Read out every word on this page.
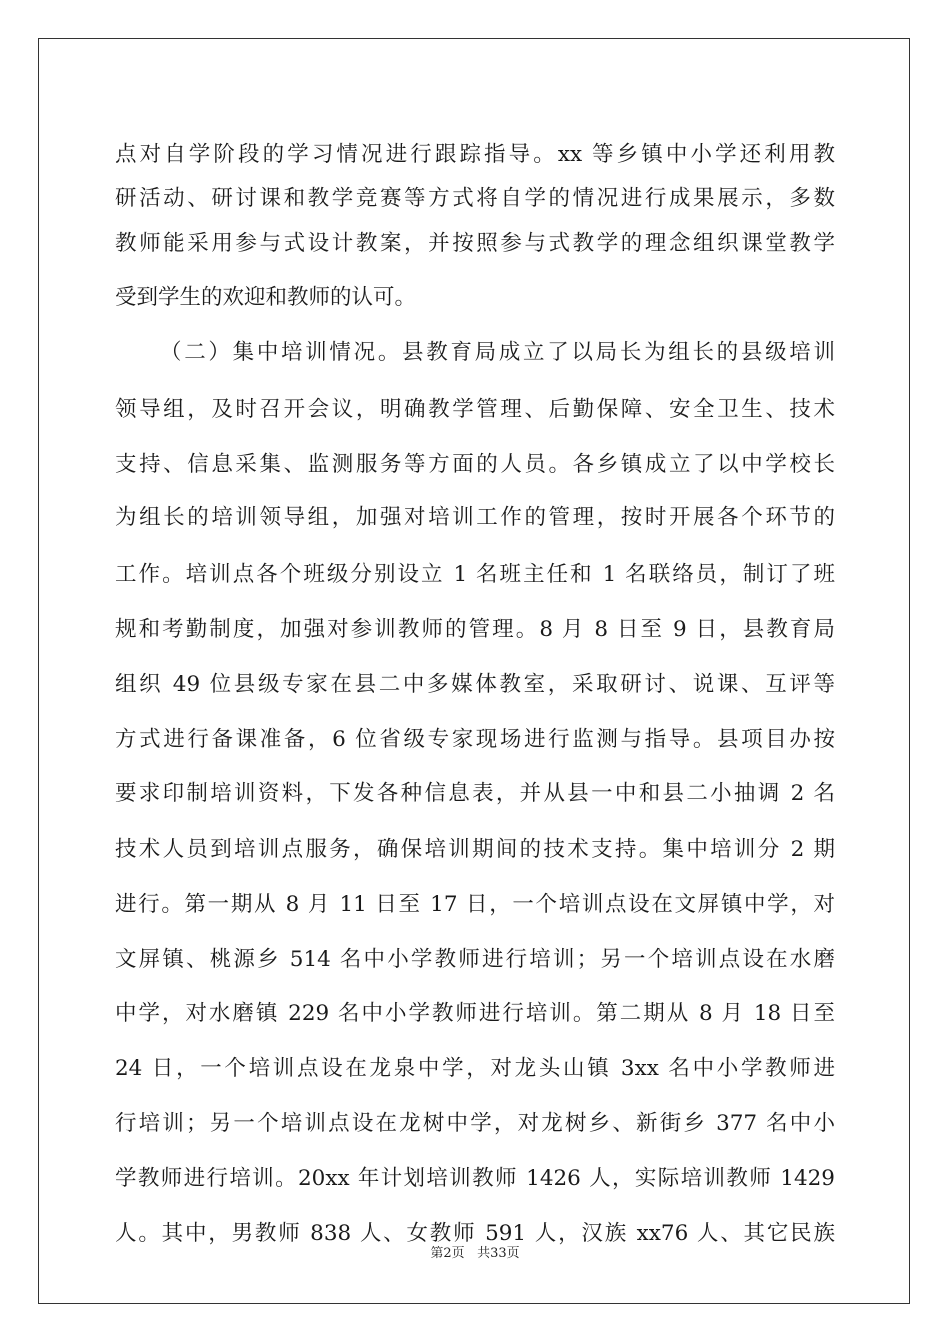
点对自学阶段的学习情况进行跟踪指导。xx 等乡镇中小学还利用教
研活动、研讨课和教学竞赛等方式将自学的情况进行成果展示，多数
教师能采用参与式设计教案，并按照参与式教学的理念组织课堂教学
受到学生的欢迎和教师的认可。
（二）集中培训情况。县教育局成立了以局长为组长的县级培训
领导组，及时召开会议，明确教学管理、后勤保障、安全卫生、技术
支持、信息采集、监测服务等方面的人员。各乡镇成立了以中学校长
为组长的培训领导组，加强对培训工作的管理，按时开展各个环节的
工作。培训点各个班级分别设立 1 名班主任和 1 名联络员，制订了班
规和考勤制度，加强对参训教师的管理。8 月 8 日至 9 日，县教育局
组织 49 位县级专家在县二中多媒体教室，采取研讨、说课、互评等
方式进行备课准备，6 位省级专家现场进行监测与指导。县项目办按
要求印制培训资料，下发各种信息表，并从县一中和县二小抽调 2 名
技术人员到培训点服务，确保培训期间的技术支持。集中培训分 2 期
进行。第一期从 8 月 11 日至 17 日，一个培训点设在文屏镇中学，对
文屏镇、桃源乡 514 名中小学教师进行培训；另一个培训点设在水磨
中学，对水磨镇 229 名中小学教师进行培训。第二期从 8 月 18 日至
24 日，一个培训点设在龙泉中学，对龙头山镇 3xx 名中小学教师进
行培训；另一个培训点设在龙树中学，对龙树乡、新街乡 377 名中小
学教师进行培训。20xx 年计划培训教师 1426 人，实际培训教师 1429
人。其中，男教师 838 人、女教师 591 人，汉族 xx76 人、其它民族
第2页 共33页
